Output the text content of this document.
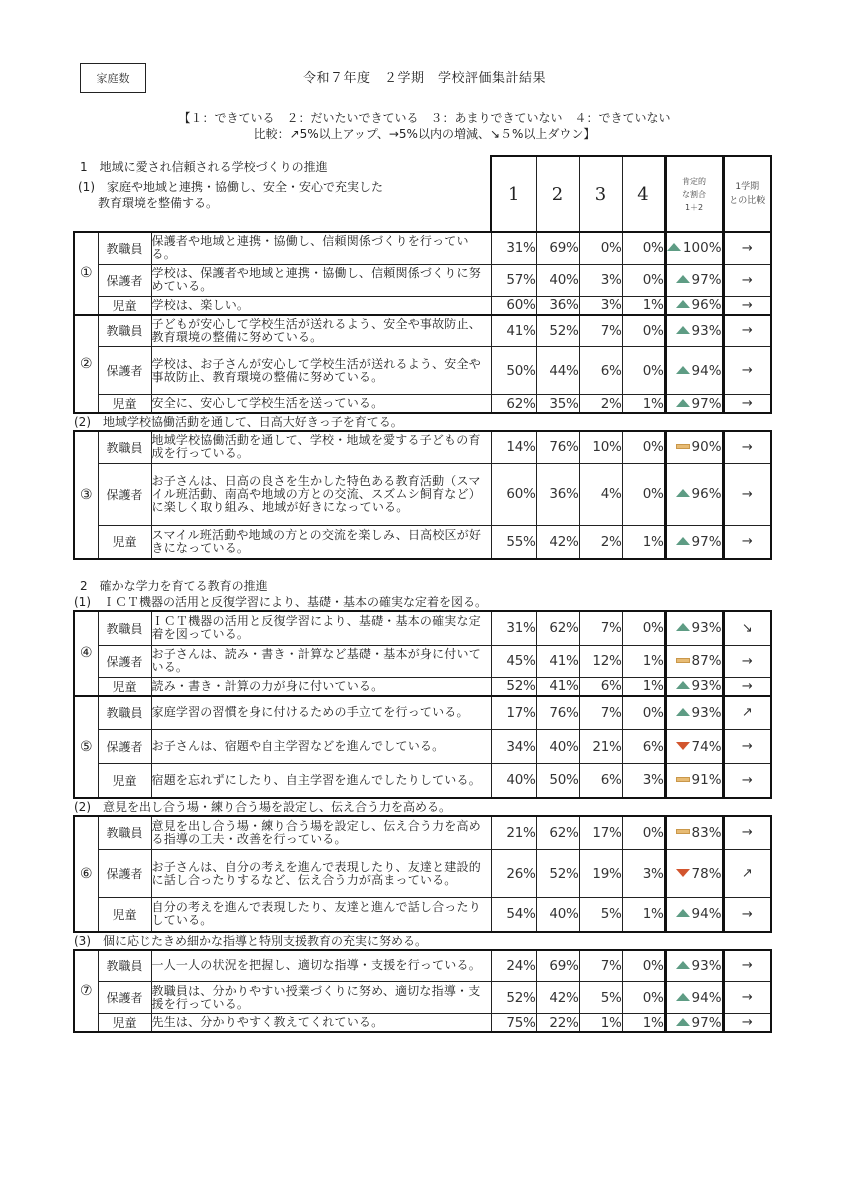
家庭数	令和７年度　２学期　学校評価集計結果
【１：できている　２：だいたいできている　３：あまりできていない　４：できていない
比較：↗5%以上アップ、→5%以内の増減、↘５%以上ダウン】
1　地域に愛され信頼される学校づくりの推進
(1)　家庭や地域と連携・協働し、安全・安心で充実した
教育環境を整備する。	1	2	3	4	
肯定的
な割合
1＋2

1学期
との比較

①	教職員	保護者や地域と連携・協働し、信頼関係づくりを行っている。	31%	69%	0%	0%	100%	→
	保護者	学校は、保護者や地域と連携・協働し、信頼関係づくりに努めている。	57%	40%	3%	0%	97%	→
	児童	学校は、楽しい。	60%	36%	3%	1%	96%	→
②	教職員	子どもが安心して学校生活が送れるよう、安全や事故防止、教育環境の整備に努めている。	41%	52%	7%	0%	93%	→
	保護者	学校は、お子さんが安心して学校生活が送れるよう、安全や事故防止、教育環境の整備に努めている。	50%	44%	6%	0%	94%	→
	児童	安全に、安心して学校生活を送っている。	62%	35%	2%	1%	97%	→
(2)　地域学校協働活動を通して、日高大好きっ子を育てる。								
③	教職員	地域学校協働活動を通して、学校・地域を愛する子どもの育成を行っている。	14%	76%	10%	0%	90%	→
	保護者	お子さんは、日高の良さを生かした特色ある教育活動（スマイル班活動、南高や地域の方との交流、スズムシ飼育など）に楽しく取り組み、地域が好きになっている。	60%	36%	4%	0%	96%	→
	児童	スマイル班活動や地域の方との交流を楽しみ、日高校区が好きになっている。	55%	42%	2%	1%	97%	→

2　確かな学力を育てる教育の推進								
(1)　ＩＣＴ機器の活用と反復学習により、基礎・基本の確実な定着を図る。								
④	教職員	ＩＣＴ機器の活用と反復学習により、基礎・基本の確実な定着を図っている。	31%	62%	7%	0%	93%	↘
	保護者	お子さんは、読み・書き・計算など基礎・基本が身に付いている。	45%	41%	12%	1%	87%	→
	児童	読み・書き・計算の力が身に付いている。	52%	41%	6%	1%	93%	→
⑤	教職員	家庭学習の習慣を身に付けるための手立てを行っている。	17%	76%	7%	0%	93%	↗
	保護者	お子さんは、宿題や自主学習などを進んでしている。	34%	40%	21%	6%	74%	→
	児童	宿題を忘れずにしたり、自主学習を進んでしたりしている。	40%	50%	6%	3%	91%	→
(2)　意見を出し合う場・練り合う場を設定し、伝え合う力を高める。								
⑥	教職員	意見を出し合う場・練り合う場を設定し、伝え合う力を高める指導の工夫・改善を行っている。	21%	62%	17%	0%	83%	→
	保護者	お子さんは、自分の考えを進んで表現したり、友達と建設的に話し合ったりするなど、伝え合う力が高まっている。	26%	52%	19%	3%	78%	↗
	児童	自分の考えを進んで表現したり、友達と進んで話し合ったりしている。	54%	40%	5%	1%	94%	→
(3)　個に応じたきめ細かな指導と特別支援教育の充実に努める。								
⑦	教職員	一人一人の状況を把握し、適切な指導・支援を行っている。	24%	69%	7%	0%	93%	→
	保護者	教職員は、分かりやすい授業づくりに努め、適切な指導・支援を行っている。	52%	42%	5%	0%	94%	→
	児童	先生は、分かりやすく教えてくれている。	75%	22%	1%	1%	97%	→
